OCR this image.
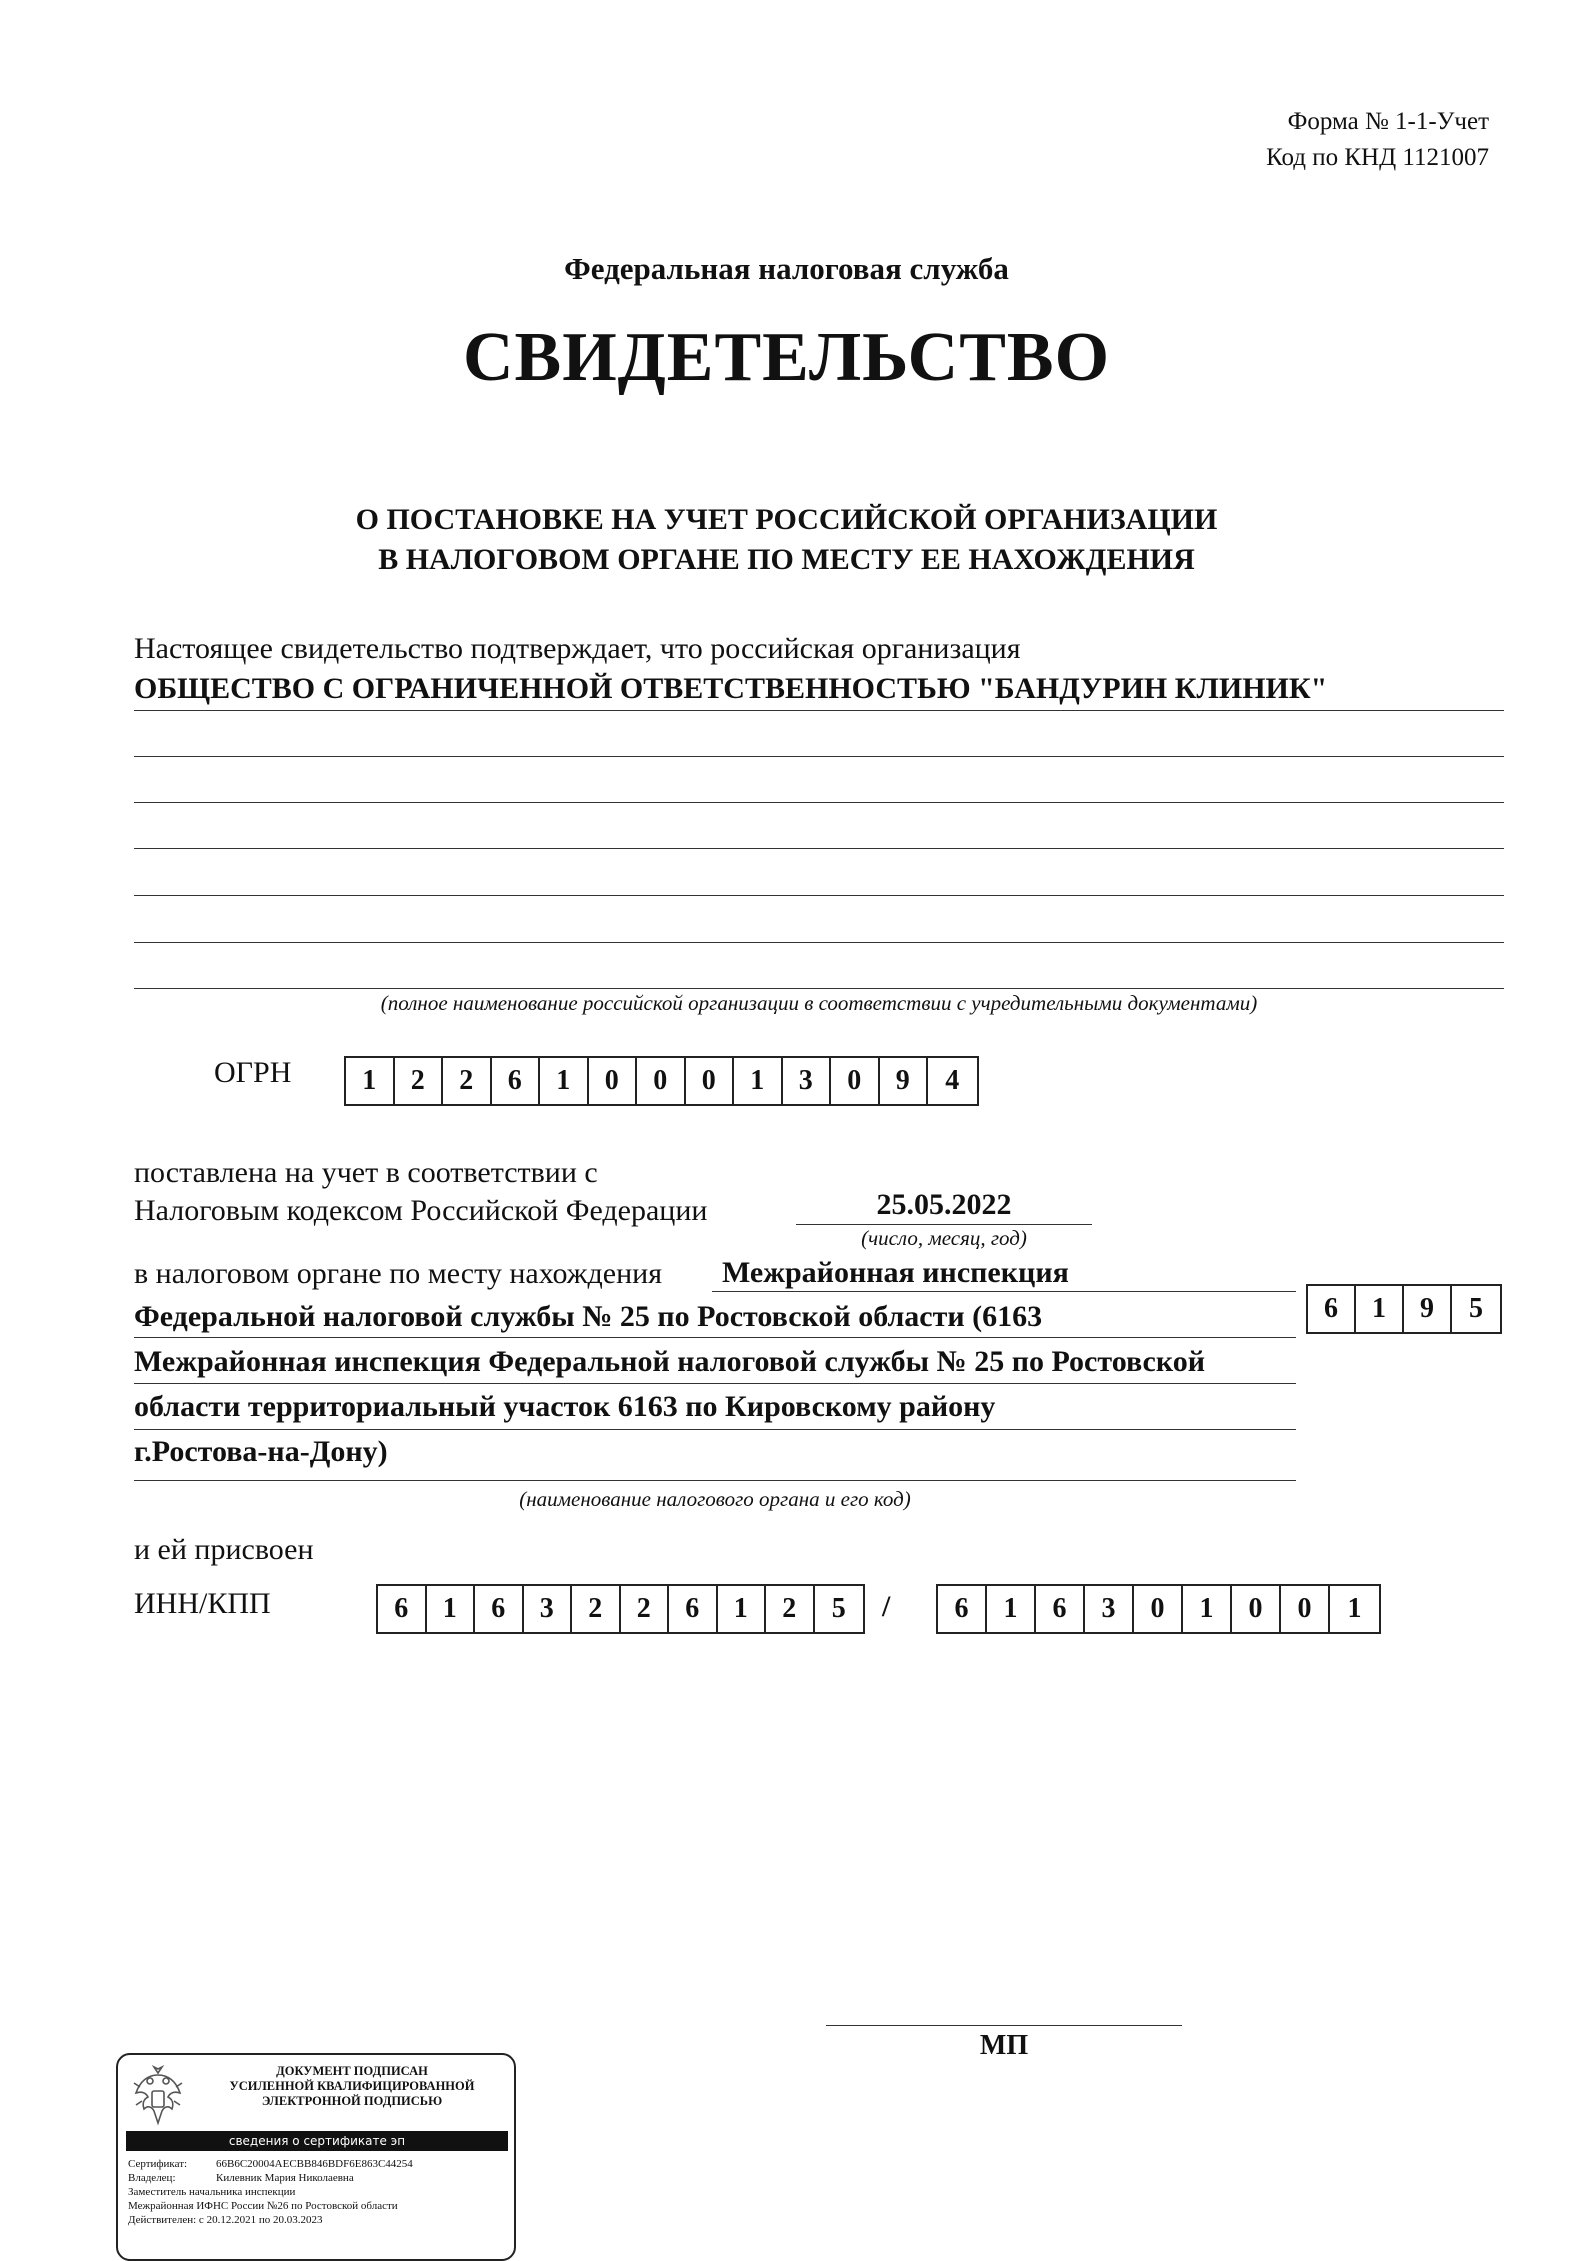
Форма № 1-1-Учет
Код по КНД 1121007
Федеральная налоговая служба
СВИДЕТЕЛЬСТВО
О ПОСТАНОВКЕ НА УЧЕТ РОССИЙСКОЙ ОРГАНИЗАЦИИ
В НАЛОГОВОМ ОРГАНЕ ПО МЕСТУ ЕЕ НАХОЖДЕНИЯ
Настоящее свидетельство подтверждает, что российская организация
ОБЩЕСТВО С ОГРАНИЧЕННОЙ ОТВЕТСТВЕННОСТЬЮ "БАНДУРИН КЛИНИК"
(полное наименование российской организации в соответствии с учредительными документами)
ОГРН	1	2	2	6	1	0	0	0	1	3	0	9	4
поставлена на учет в соответствии с
Налоговым кодексом Российской Федерации	25.05.2022
(число, месяц, год)
в налоговом органе по месту нахождения Межрайонная инспекция
Федеральной налоговой службы № 25 по Ростовской области (6163
Межрайонная инспекция Федеральной налоговой службы № 25 по Ростовской
области территориальный участок 6163 по Кировскому району
г.Ростова-на-Дону)
6	1	9	5
(наименование налогового органа и его код)
и ей присвоен
ИНН/КПП	6	1	6	3	2	2	6	1	2	5	/	6	1	6	3	0	1	0	0	1
МП
ДОКУМЕНТ ПОДПИСАН
УСИЛЕННОЙ КВАЛИФИЦИРОВАННОЙ
ЭЛЕКТРОННОЙ ПОДПИСЬЮ
сведения о сертификате эп
Сертификат:	66B6C20004AECBB846BDF6E863C44254
Владелец:	Килевник Мария Николаевна
Заместитель начальника инспекции
Межрайонная ИФНС России №26 по Ростовской области
Действителен: с 20.12.2021 по 20.03.2023
